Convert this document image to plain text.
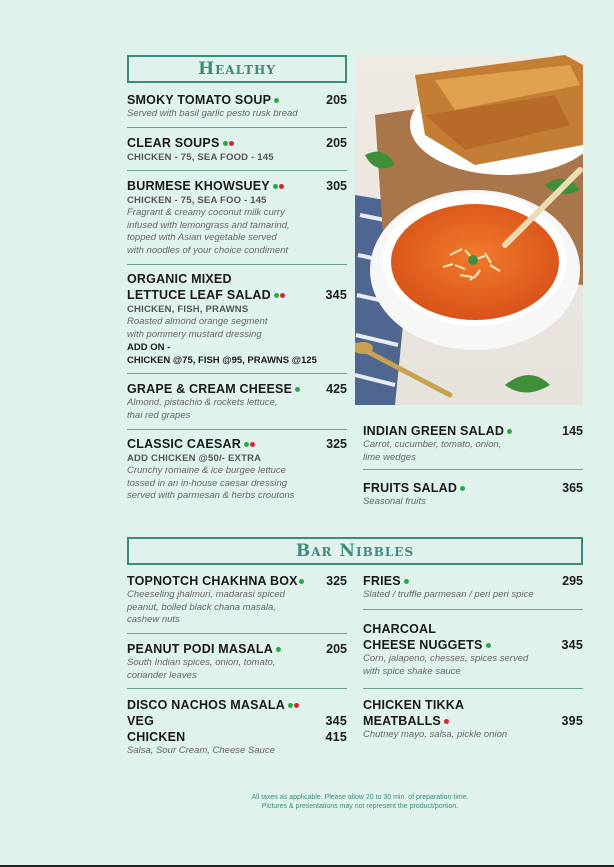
Healthy
SMOKY TOMATO SOUP	205
Served with basil garlic pesto rusk bread
CLEAR SOUPS	205
CHICKEN - 75, SEA FOOD - 145
BURMESE KHOWSUEY	305
CHICKEN - 75, SEA FOO - 145
Fragrant & creamy coconut milk curry
infused with lemongrass and tamarind,
topped with Asian vegetable served
with noodles of your choice condiment
ORGANIC MIXED
LETTUCE LEAF SALAD	345
CHICKEN, FISH, PRAWNS
Roasted almond orange segment
with pommery mustard dressing
ADD ON -
CHICKEN @75, FISH @95, PRAWNS @125
GRAPE & CREAM CHEESE	425
Almond, pistachio & rockets lettuce,
thai red grapes
CLASSIC CAESAR	325
ADD CHICKEN @50/- EXTRA
Crunchy romaine & ice burgee lettuce
tossed in an in-house caesar dressing
served with parmesan & herbs croutons
INDIAN GREEN SALAD	145
Carrot, cucumber, tomato, onion,
lime wedges
FRUITS SALAD	365
Seasonal fruits
Bar Nibbles
TOPNOTCH CHAKHNA BOX	325
Cheeseling jhalmuri, madarasi spiced
peanut, boiled black chana masala,
cashew nuts
PEANUT PODI MASALA	205
South Indian spices, onion, tomato,
coriander leaves
DISCO NACHOS MASALA
VEG	345
CHICKEN	415
Salsa, Sour Cream, Cheese Sauce
FRIES	295
Slated / truffle parmesan / peri peri spice
CHARCOAL
CHEESE NUGGETS	345
Corn, jalapeno, chesses, spices served
with spice shake sauce
CHICKEN TIKKA
MEATBALLS	395
Chutney mayo, salsa, pickle onion
All taxes as applicable. Please allow 20 to 30 min. of preparation time.
Pictures & presentations may not represent the product/portion.
